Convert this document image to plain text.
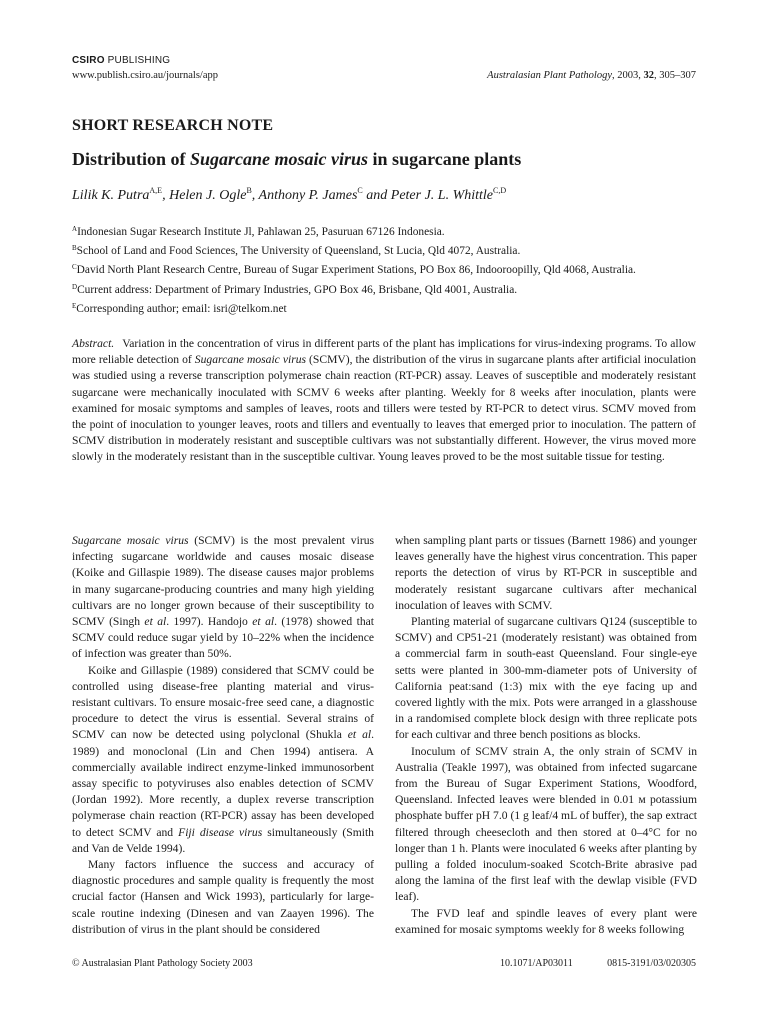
CSIRO PUBLISHING
www.publish.csiro.au/journals/app	Australasian Plant Pathology, 2003, 32, 305–307
SHORT RESEARCH NOTE
Distribution of Sugarcane mosaic virus in sugarcane plants
Lilik K. Putra$^{A,E}$, Helen J. Ogle$^B$, Anthony P. James$^C$ and Peter J. L. Whittle$^{C,D}$
$^A$Indonesian Sugar Research Institute Jl, Pahlawan 25, Pasuruan 67126 Indonesia.
$^B$School of Land and Food Sciences, The University of Queensland, St Lucia, Qld 4072, Australia.
$^C$David North Plant Research Centre, Bureau of Sugar Experiment Stations, PO Box 86, Indooroopilly, Qld 4068, Australia.
$^D$Current address: Department of Primary Industries, GPO Box 46, Brisbane, Qld 4001, Australia.
$^E$Corresponding author; email: isri@telkom.net
Abstract. Variation in the concentration of virus in different parts of the plant has implications for virus-indexing programs. To allow more reliable detection of Sugarcane mosaic virus (SCMV), the distribution of the virus in sugarcane plants after artificial inoculation was studied using a reverse transcription polymerase chain reaction (RT-PCR) assay. Leaves of susceptible and moderately resistant sugarcane were mechanically inoculated with SCMV 6 weeks after planting. Weekly for 8 weeks after inoculation, plants were examined for mosaic symptoms and samples of leaves, roots and tillers were tested by RT-PCR to detect virus. SCMV moved from the point of inoculation to younger leaves, roots and tillers and eventually to leaves that emerged prior to inoculation. The pattern of SCMV distribution in moderately resistant and susceptible cultivars was not substantially different. However, the virus moved more slowly in the moderately resistant than in the susceptible cultivar. Young leaves proved to be the most suitable tissue for testing.

Sugarcane mosaic virus (SCMV) is the most prevalent virus infecting sugarcane worldwide and causes mosaic disease (Koike and Gillaspie 1989). The disease causes major problems in many sugarcane-producing countries and many high yielding cultivars are no longer grown because of their susceptibility to SCMV (Singh et al. 1997). Handojo et al. (1978) showed that SCMV could reduce sugar yield by 10–22% when the incidence of infection was greater than 50%.

Koike and Gillaspie (1989) considered that SCMV could be controlled using disease-free planting material and virus-resistant cultivars. To ensure mosaic-free seed cane, a diagnostic procedure to detect the virus is essential. Several strains of SCMV can now be detected using polyclonal (Shukla et al. 1989) and monoclonal (Lin and Chen 1994) antisera. A commercially available indirect enzyme-linked immunosorbent assay specific to potyviruses also enables detection of SCMV (Jordan 1992). More recently, a duplex reverse transcription polymerase chain reaction (RT-PCR) assay has been developed to detect SCMV and Fiji disease virus simultaneously (Smith and Van de Velde 1994).

Many factors influence the success and accuracy of diagnostic procedures and sample quality is frequently the most crucial factor (Hansen and Wick 1993), particularly for large-scale routine indexing (Dinesen and van Zaayen 1996). The distribution of virus in the plant should be considered

when sampling plant parts or tissues (Barnett 1986) and younger leaves generally have the highest virus concentration. This paper reports the detection of virus by RT-PCR in susceptible and moderately resistant sugarcane cultivars after mechanical inoculation of leaves with SCMV.

Planting material of sugarcane cultivars Q124 (susceptible to SCMV) and CP51-21 (moderately resistant) was obtained from a commercial farm in south-east Queensland. Four single-eye setts were planted in 300-mm-diameter pots of University of California peat:sand (1:3) mix with the eye facing up and covered lightly with the mix. Pots were arranged in a glasshouse in a randomised complete block design with three replicate pots for each cultivar and three bench positions as blocks.

Inoculum of SCMV strain A, the only strain of SCMV in Australia (Teakle 1997), was obtained from infected sugarcane from the Bureau of Sugar Experiment Stations, Woodford, Queensland. Infected leaves were blended in 0.01 ᴍ potassium phosphate buffer pH 7.0 (1 g leaf/4 mL of buffer), the sap extract filtered through cheesecloth and then stored at 0–4°C for no longer than 1 h. Plants were inoculated 6 weeks after planting by pulling a folded inoculum-soaked Scotch-Brite abrasive pad along the lamina of the first leaf with the dewlap visible (FVD leaf).

The FVD leaf and spindle leaves of every plant were examined for mosaic symptoms weekly for 8 weeks following

© Australasian Plant Pathology Society 2003	10.1071/AP03011	0815-3191/03/020305
